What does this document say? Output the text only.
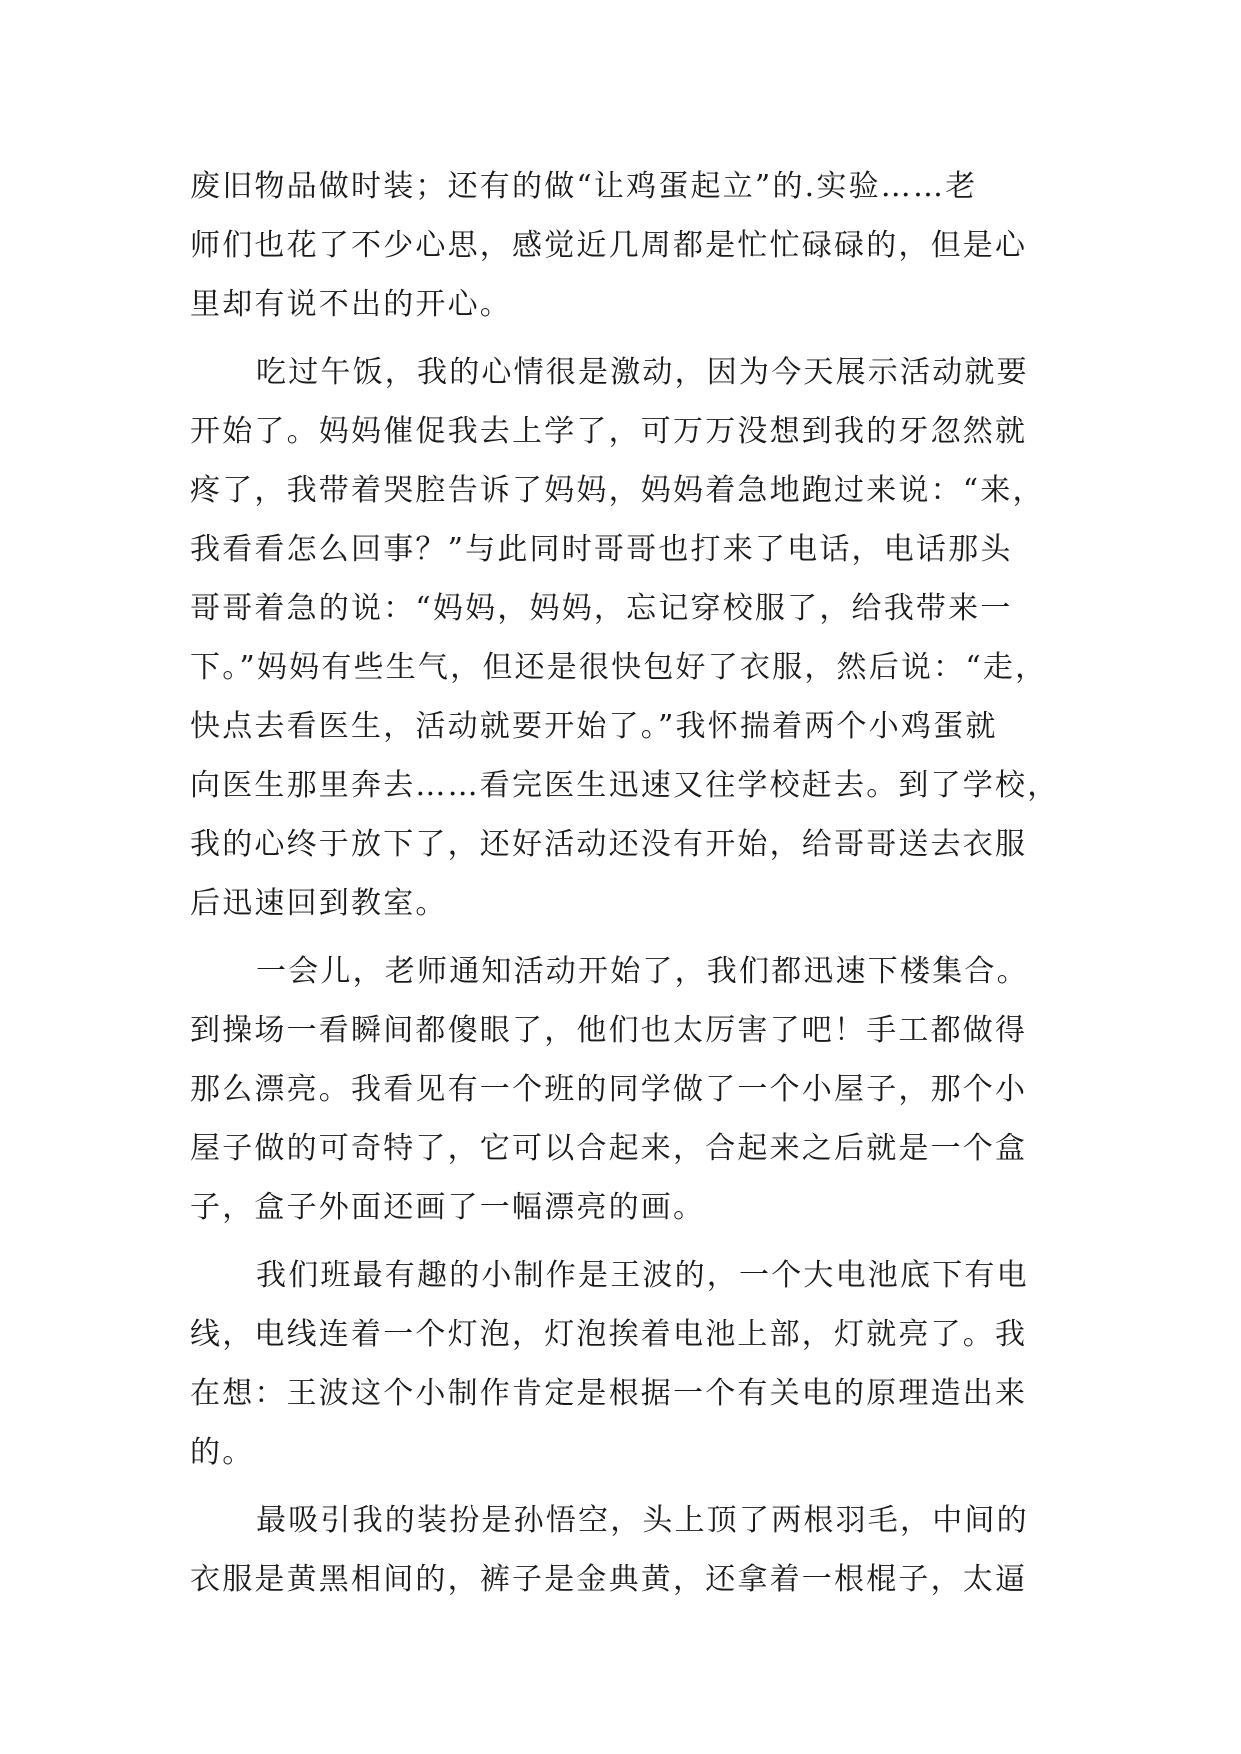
废旧物品做时装；还有的做“让鸡蛋起立”的.实验……老
师们也花了不少心思，感觉近几周都是忙忙碌碌的，但是心
里却有说不出的开心。
吃过午饭，我的心情很是激动，因为今天展示活动就要
开始了。妈妈催促我去上学了，可万万没想到我的牙忽然就
疼了，我带着哭腔告诉了妈妈，妈妈着急地跑过来说：“来，
我看看怎么回事？”与此同时哥哥也打来了电话，电话那头
哥哥着急的说：“妈妈，妈妈，忘记穿校服了，给我带来一
下。”妈妈有些生气，但还是很快包好了衣服，然后说：“走，
快点去看医生，活动就要开始了。”我怀揣着两个小鸡蛋就
向医生那里奔去……看完医生迅速又往学校赶去。到了学校，
我的心终于放下了，还好活动还没有开始，给哥哥送去衣服
后迅速回到教室。
一会儿，老师通知活动开始了，我们都迅速下楼集合。
到操场一看瞬间都傻眼了，他们也太厉害了吧！手工都做得
那么漂亮。我看见有一个班的同学做了一个小屋子，那个小
屋子做的可奇特了，它可以合起来，合起来之后就是一个盒
子，盒子外面还画了一幅漂亮的画。
我们班最有趣的小制作是王波的，一个大电池底下有电
线，电线连着一个灯泡，灯泡挨着电池上部，灯就亮了。我
在想：王波这个小制作肯定是根据一个有关电的原理造出来
的。
最吸引我的装扮是孙悟空，头上顶了两根羽毛，中间的
衣服是黄黑相间的，裤子是金典黄，还拿着一根棍子，太逼
